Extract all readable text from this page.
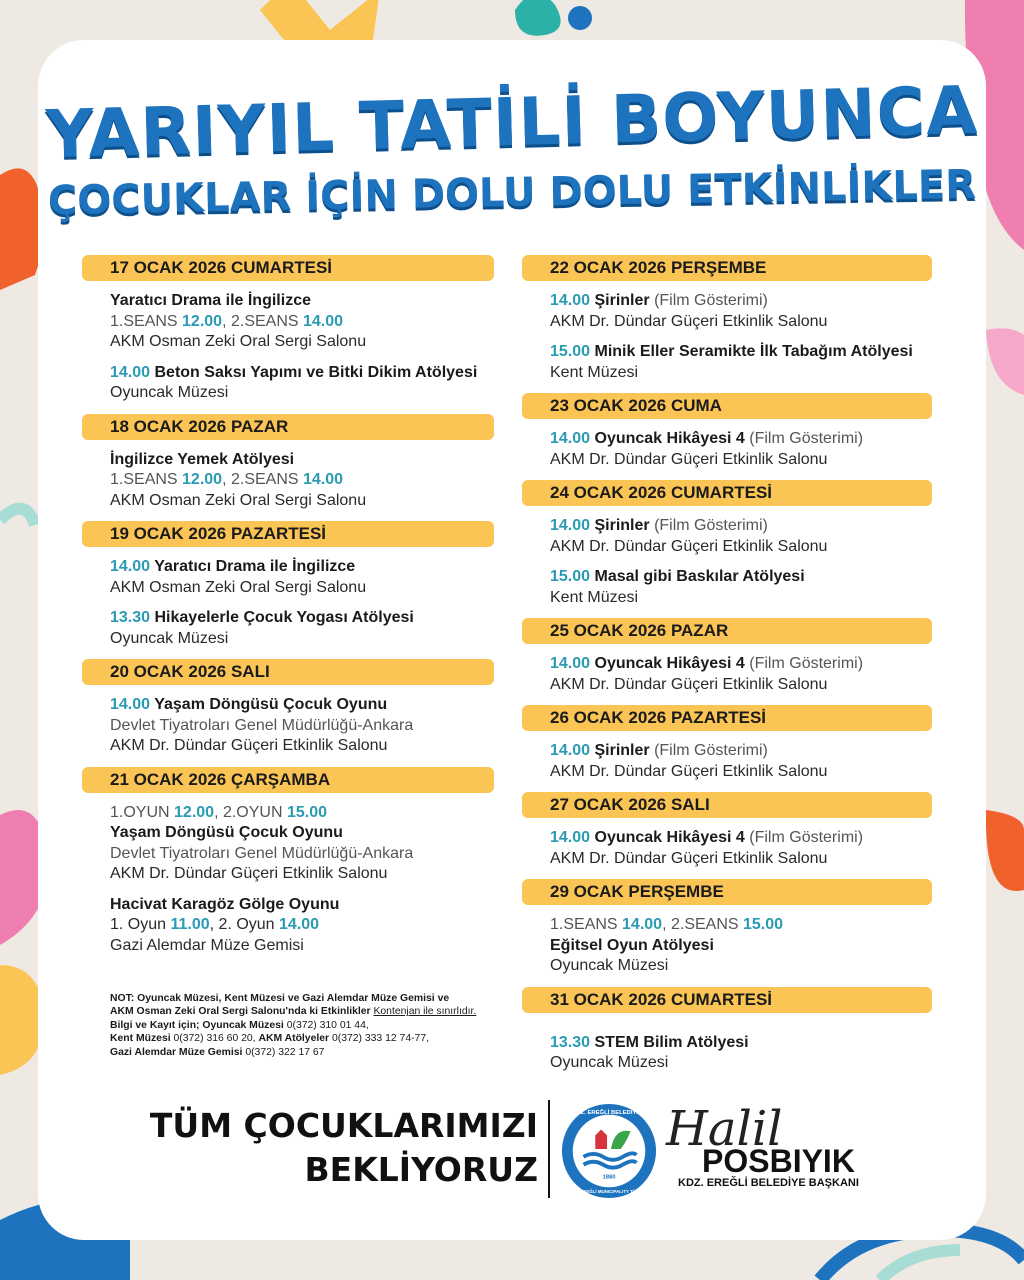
YARIYIL TATİLİ BOYUNCA
ÇOCUKLAR İÇİN DOLU DOLU ETKİNLİKLER
17 OCAK 2026 CUMARTESİ
Yaratıcı Drama ile İngilizce
1.SEANS 12.00, 2.SEANS 14.00
AKM Osman Zeki Oral Sergi Salonu
14.00 Beton Saksı Yapımı ve Bitki Dikim Atölyesi
Oyuncak Müzesi
18 OCAK 2026 PAZAR
İngilizce Yemek Atölyesi
1.SEANS 12.00, 2.SEANS 14.00
AKM Osman Zeki Oral Sergi Salonu
19 OCAK 2026 PAZARTESİ
14.00 Yaratıcı Drama ile İngilizce
AKM Osman Zeki Oral Sergi Salonu
13.30 Hikayelerle Çocuk Yogası Atölyesi
Oyuncak Müzesi
20 OCAK 2026 SALI
14.00 Yaşam Döngüsü Çocuk Oyunu
Devlet Tiyatroları Genel Müdürlüğü-Ankara
AKM Dr. Dündar Güçeri Etkinlik Salonu
21 OCAK 2026 ÇARŞAMBA
1.OYUN 12.00, 2.OYUN 15.00
Yaşam Döngüsü Çocuk Oyunu
Devlet Tiyatroları Genel Müdürlüğü-Ankara
AKM Dr. Dündar Güçeri Etkinlik Salonu
Hacivat Karagöz Gölge Oyunu
1. Oyun 11.00, 2. Oyun 14.00
Gazi Alemdar Müze Gemisi
22 OCAK 2026 PERŞEMBE
14.00 Şirinler (Film Gösterimi)
AKM Dr. Dündar Güçeri Etkinlik Salonu
15.00 Minik Eller Seramikte İlk Tabağım Atölyesi
Kent Müzesi
23 OCAK 2026 CUMA
14.00 Oyuncak Hikâyesi 4 (Film Gösterimi)
AKM Dr. Dündar Güçeri Etkinlik Salonu
24 OCAK 2026 CUMARTESİ
14.00 Şirinler (Film Gösterimi)
AKM Dr. Dündar Güçeri Etkinlik Salonu
15.00 Masal gibi Baskılar Atölyesi
Kent Müzesi
25 OCAK 2026 PAZAR
14.00 Oyuncak Hikâyesi 4 (Film Gösterimi)
AKM Dr. Dündar Güçeri Etkinlik Salonu
26 OCAK 2026 PAZARTESİ
14.00 Şirinler (Film Gösterimi)
AKM Dr. Dündar Güçeri Etkinlik Salonu
27 OCAK 2026 SALI
14.00 Oyuncak Hikâyesi 4 (Film Gösterimi)
AKM Dr. Dündar Güçeri Etkinlik Salonu
29 OCAK PERŞEMBE
1.SEANS 14.00, 2.SEANS 15.00
Eğitsel Oyun Atölyesi
Oyuncak Müzesi
31 OCAK 2026 CUMARTESİ
13.30 STEM Bilim Atölyesi
Oyuncak Müzesi
NOT: Oyuncak Müzesi, Kent Müzesi ve Gazi Alemdar Müze Gemisi ve
AKM Osman Zeki Oral Sergi Salonu'nda ki Etkinlikler Kontenjan ile sınırlıdır.
Bilgi ve Kayıt için; Oyuncak Müzesi 0(372) 310 01 44,
Kent Müzesi 0(372) 316 60 20, AKM Atölyeler 0(372) 333 12 74-77,
Gazi Alemdar Müze Gemisi 0(372) 322 17 67
TÜM ÇOCUKLARIMIZI
BEKLİYORUZ
KDZ. EREĞLİ BELEDİYESİ
1880
KDZ. EREĞLİ MUNICIPALITY TÜRKİYE
Halil
POSBIYIK
KDZ. EREĞLİ BELEDİYE BAŞKANI
